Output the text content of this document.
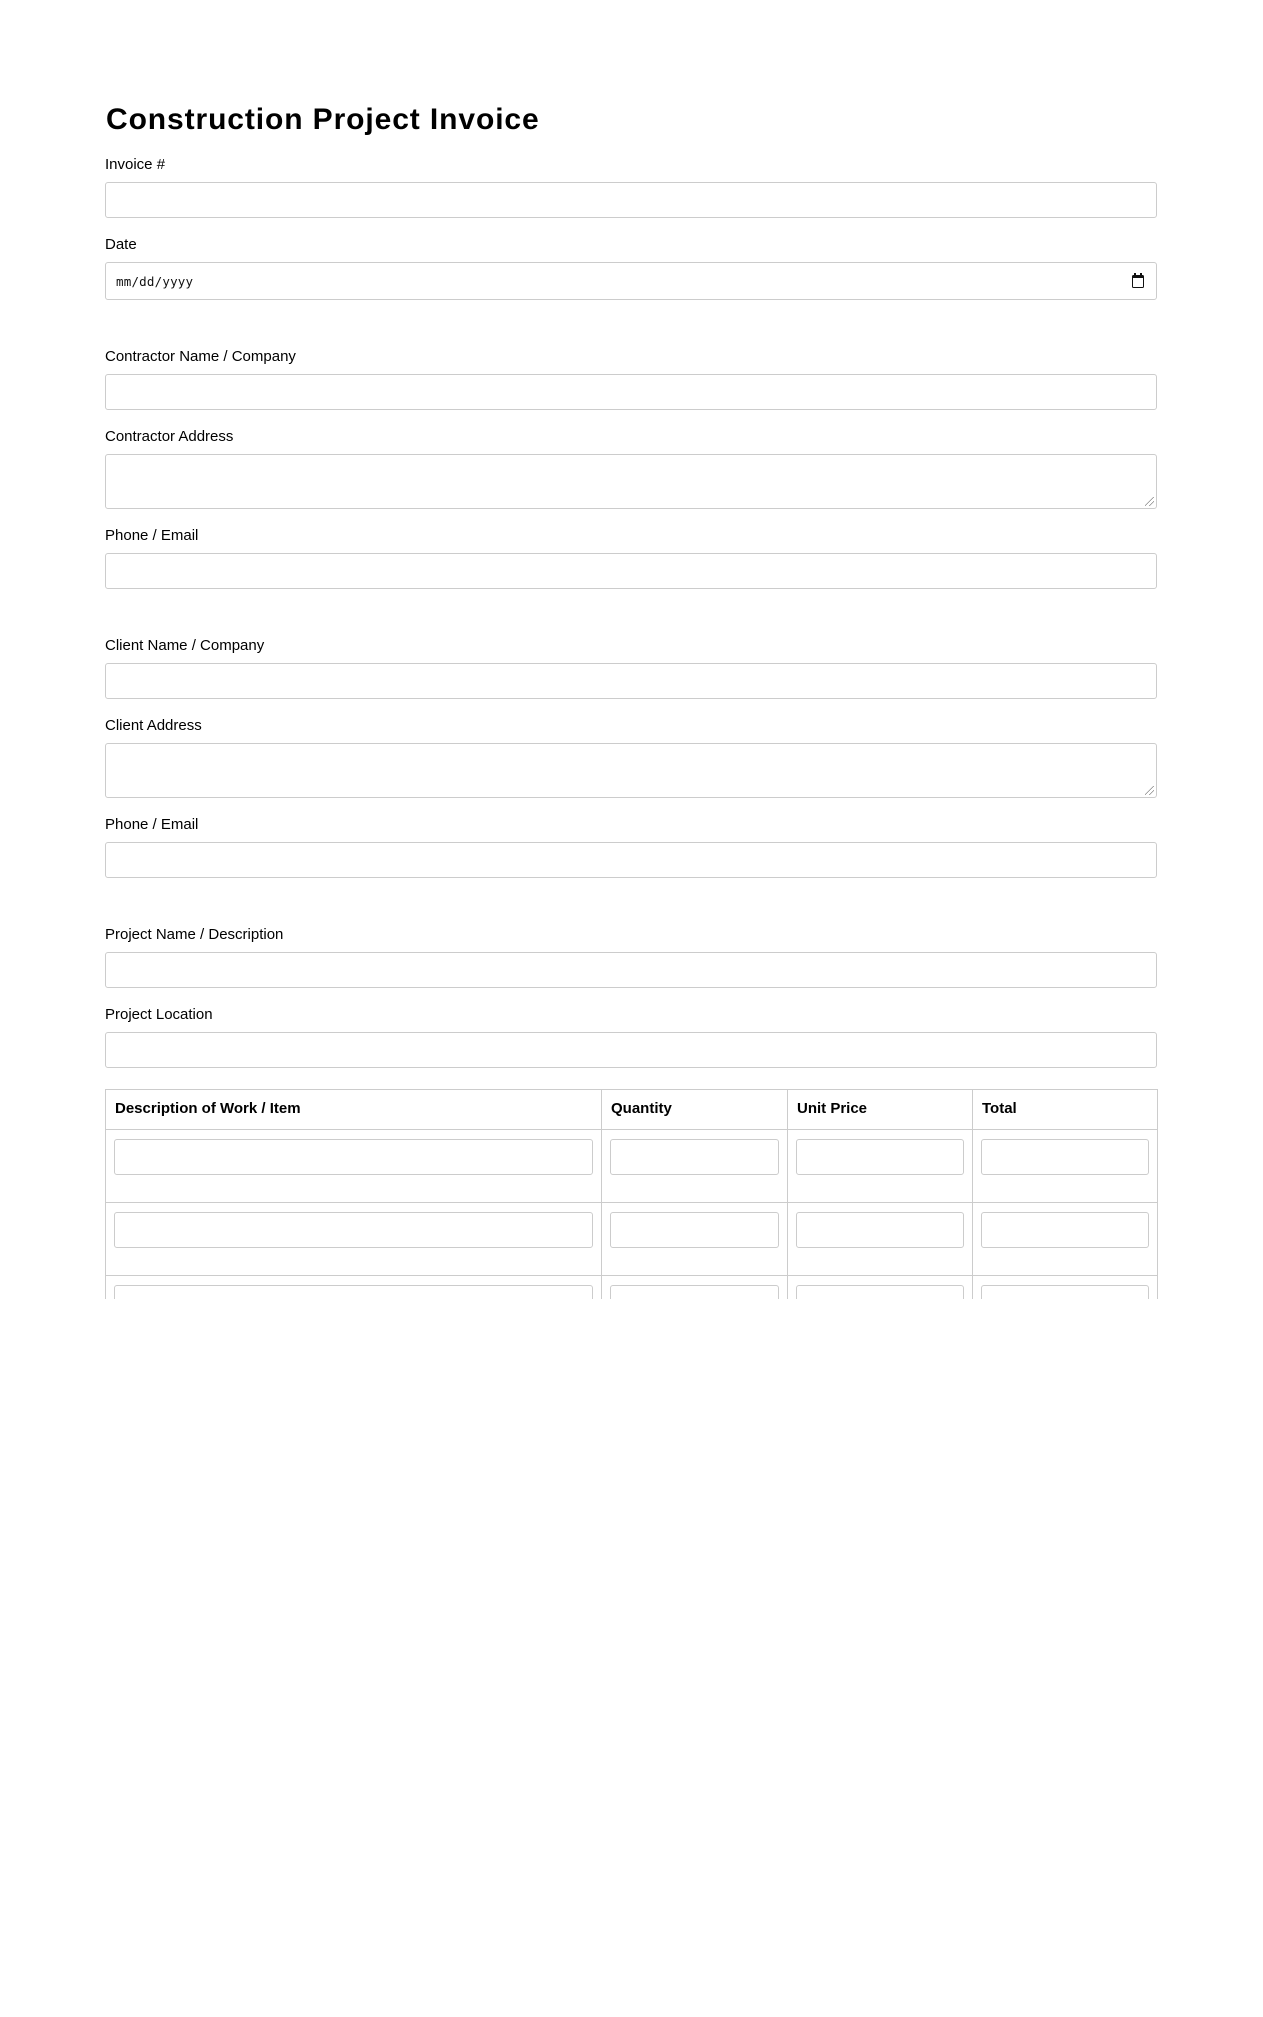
Construction Project Invoice
Invoice #
Date
mm/dd/yyyy
Contractor Name / Company
Contractor Address
Phone / Email
Client Name / Company
Client Address
Phone / Email
Project Name / Description
Project Location
Description of Work / Item	Quantity	Unit Price	Total
